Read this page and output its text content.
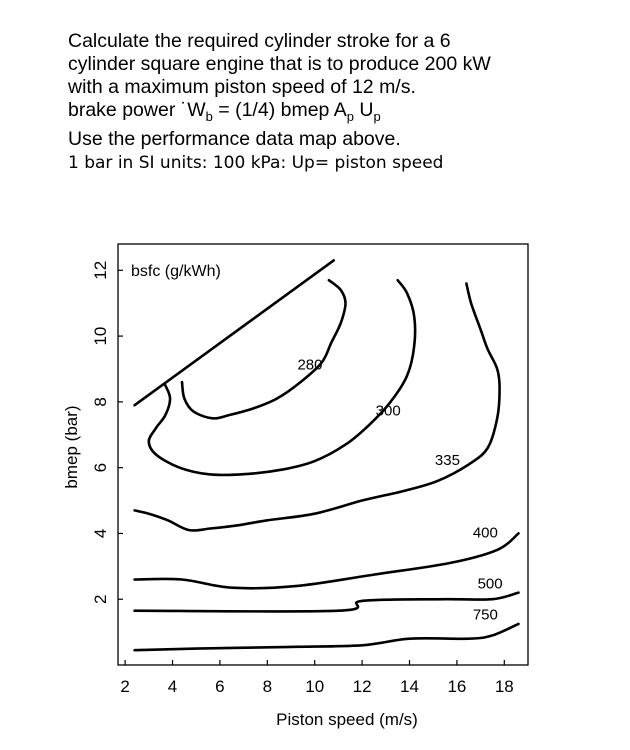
Calculate the required cylinder stroke for a 6
cylinder square engine that is to produce 200 kW
with a maximum piston speed of 12 m/s.
brake power $˙W_b = (1/4)$ bmep $A_p$ $U_p$
Use the performance data map above.
1 bar in SI units: 100 kPa: Up= piston speed
2 4 6 8 10 12 14 16 18
2
4
6
8
10
12
280
300
335
400
500
750
bsfc (g/kWh)
Piston speed (m/s)
bmep (bar)
